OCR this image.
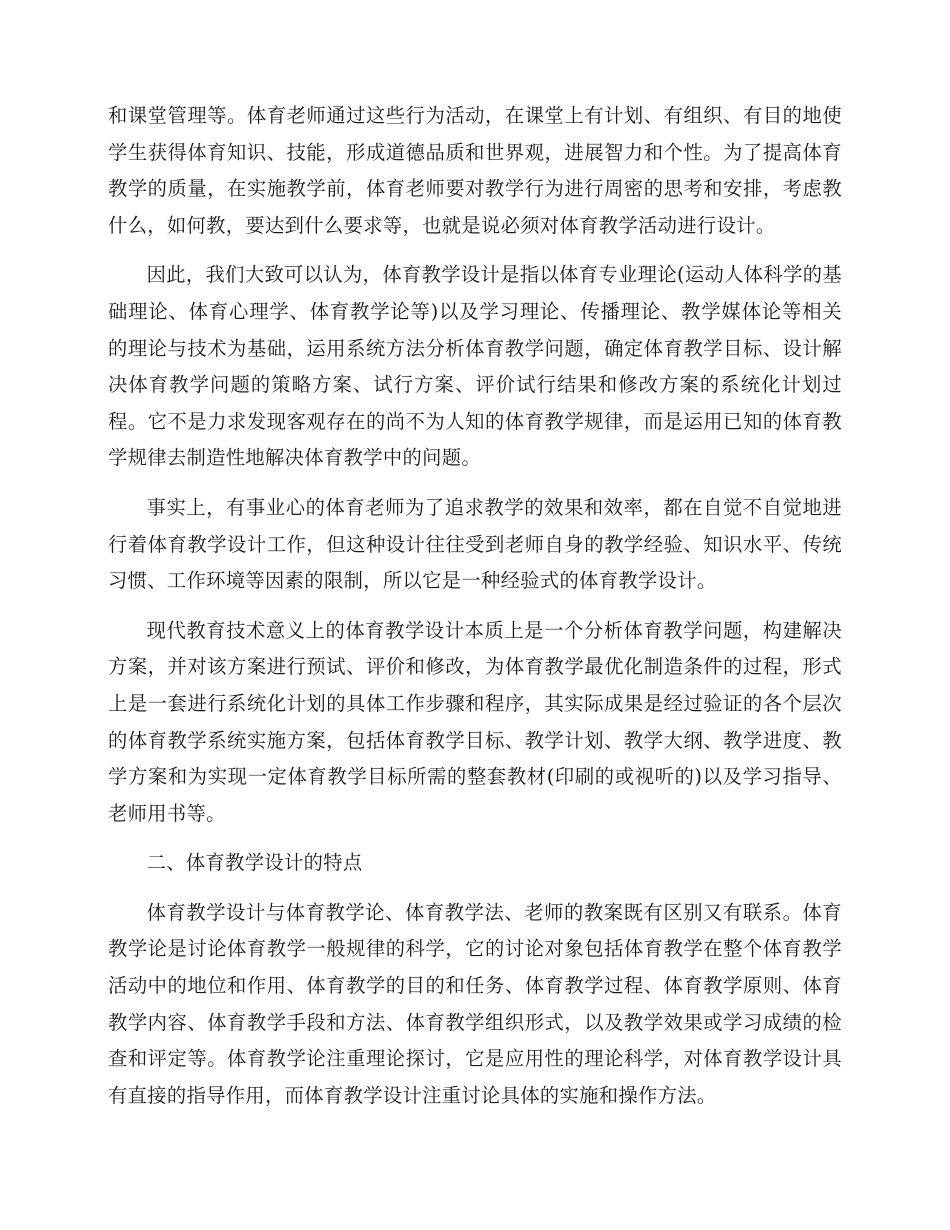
和课堂管理等。体育老师通过这些行为活动，在课堂上有计划、有组织、有目的地使学生获得体育知识、技能，形成道德品质和世界观，进展智力和个性。为了提高体育教学的质量，在实施教学前，体育老师要对教学行为进行周密的思考和安排，考虑教什么，如何教，要达到什么要求等，也就是说必须对体育教学活动进行设计。

因此，我们大致可以认为，体育教学设计是指以体育专业理论(运动人体科学的基础理论、体育心理学、体育教学论等)以及学习理论、传播理论、教学媒体论等相关的理论与技术为基础，运用系统方法分析体育教学问题，确定体育教学目标、设计解决体育教学问题的策略方案、试行方案、评价试行结果和修改方案的系统化计划过程。它不是力求发现客观存在的尚不为人知的体育教学规律，而是运用已知的体育教学规律去制造性地解决体育教学中的问题。

事实上，有事业心的体育老师为了追求教学的效果和效率，都在自觉不自觉地进行着体育教学设计工作，但这种设计往往受到老师自身的教学经验、知识水平、传统习惯、工作环境等因素的限制，所以它是一种经验式的体育教学设计。

现代教育技术意义上的体育教学设计本质上是一个分析体育教学问题，构建解决方案，并对该方案进行预试、评价和修改，为体育教学最优化制造条件的过程，形式上是一套进行系统化计划的具体工作步骤和程序，其实际成果是经过验证的各个层次的体育教学系统实施方案，包括体育教学目标、教学计划、教学大纲、教学进度、教学方案和为实现一定体育教学目标所需的整套教材(印刷的或视听的)以及学习指导、老师用书等。

二、体育教学设计的特点

体育教学设计与体育教学论、体育教学法、老师的教案既有区别又有联系。体育教学论是讨论体育教学一般规律的科学，它的讨论对象包括体育教学在整个体育教学活动中的地位和作用、体育教学的目的和任务、体育教学过程、体育教学原则、体育教学内容、体育教学手段和方法、体育教学组织形式，以及教学效果或学习成绩的检查和评定等。体育教学论注重理论探讨，它是应用性的理论科学，对体育教学设计具有直接的指导作用，而体育教学设计注重讨论具体的实施和操作方法。
